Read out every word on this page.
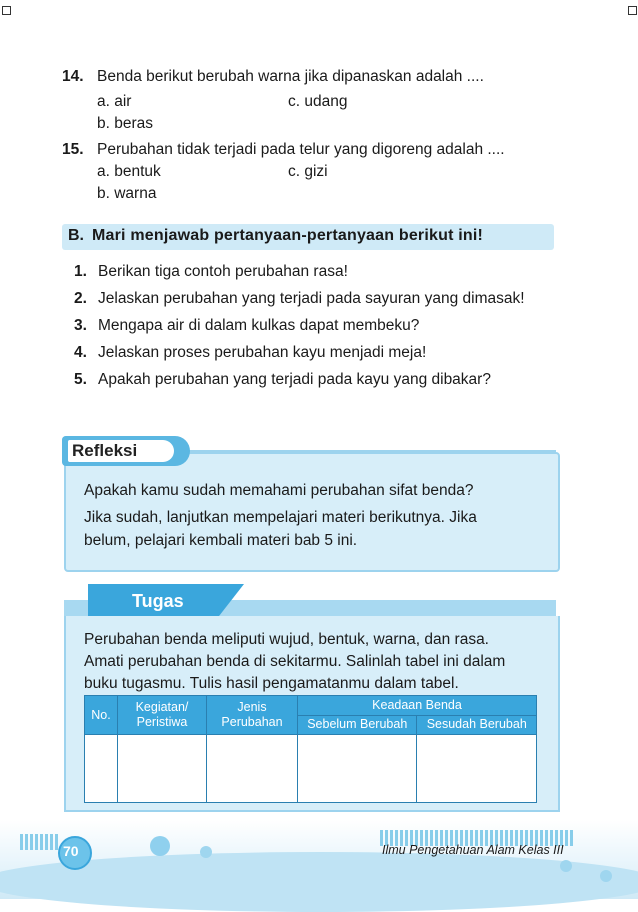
14. Benda berikut berubah warna jika dipanaskan adalah ....
a. air	c. udang
b. beras
15. Perubahan tidak terjadi pada telur yang digoreng adalah ....
a. bentuk	c. gizi
b. warna
B. Mari menjawab pertanyaan-pertanyaan berikut ini!
1. Berikan tiga contoh perubahan rasa!
2. Jelaskan perubahan yang terjadi pada sayuran yang dimasak!
3. Mengapa air di dalam kulkas dapat membeku?
4. Jelaskan proses perubahan kayu menjadi meja!
5. Apakah perubahan yang terjadi pada kayu yang dibakar?
Refleksi
Apakah kamu sudah memahami perubahan sifat benda?
Jika sudah, lanjutkan mempelajari materi berikutnya. Jika
belum, pelajari kembali materi bab 5 ini.
Tugas
Perubahan benda meliputi wujud, bentuk, warna, dan rasa.
Amati perubahan benda di sekitarmu. Salinlah tabel ini dalam
buku tugasmu. Tulis hasil pengamatanmu dalam tabel.
No.	Kegiatan/ Peristiwa	Jenis Perubahan	Keadaan Benda	
			Sebelum Berubah	Sesudah Berubah

70	Ilmu Pengetahuan Alam Kelas III
